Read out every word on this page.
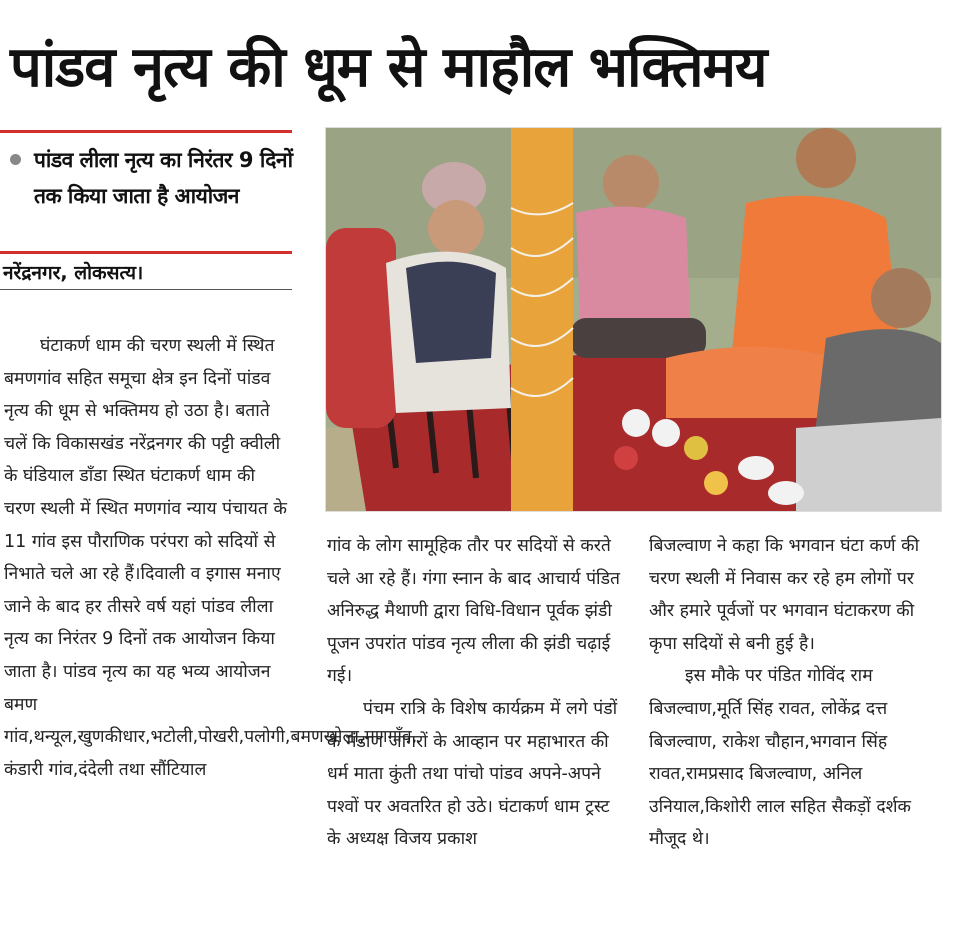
पांडव नृत्य की धूम से माहौल भक्तिमय
पांडव लीला नृत्य का निरंतर 9 दिनों तक किया जाता है आयोजन
नरेंद्रनगर, लोकसत्य।

घंटाकर्ण धाम की चरण स्थली में स्थित बमणगांव सहित समूचा क्षेत्र इन दिनों पांडव नृत्य की धूम से भक्तिमय हो उठा है। बताते चलें कि विकासखंड नरेंद्रनगर की पट्टी क्वीली के घंडियाल डाँडा स्थित घंटाकर्ण धाम की चरण स्थली में स्थित मणगांव न्याय पंचायत के 11 गांव इस पौराणिक परंपरा को सदियों से निभाते चले आ रहे हैं।दिवाली व इगास मनाए जाने के बाद हर तीसरे वर्ष यहां पांडव लीला नृत्य का निरंतर 9 दिनों तक आयोजन किया जाता है। पांडव नृत्य का यह भव्य आयोजन बमण

गांव,थन्यूल,खुणकीधार,भटोली,पोखरी,पलोगी,बमणखोला,मणगाँव, कंडारी गांव,दंदेली तथा सौंटियाल

गांव के लोग सामूहिक तौर पर सदियों से करते चले आ रहे हैं। गंगा स्नान के बाद आचार्य पंडित अनिरुद्ध मैथाणी द्वारा विधि-विधान पूर्वक झंडी पूजन उपरांत पांडव नृत्य लीला की झंडी चढ़ाई गई।

पंचम रात्रि के विशेष कार्यक्रम में लगे पंडों के मंडाण जागरों के आव्हान पर महाभारत की धर्म माता कुंती तथा पांचो पांडव अपने-अपने पश्वों पर अवतरित हो उठे। घंटाकर्ण धाम ट्रस्ट के अध्यक्ष विजय प्रकाश

बिजल्वाण ने कहा कि भगवान घंटा कर्ण की चरण स्थली में निवास कर रहे हम लोगों पर और हमारे पूर्वजों पर भगवान घंटाकरण की कृपा सदियों से बनी हुई है।

इस मौके पर पंडित गोविंद राम बिजल्वाण,मूर्ति सिंह रावत, लोकेंद्र दत्त बिजल्वाण, राकेश चौहान,भगवान सिंह रावत,रामप्रसाद बिजल्वाण, अनिल उनियाल,किशोरी लाल सहित सैकड़ों दर्शक मौजूद थे।
